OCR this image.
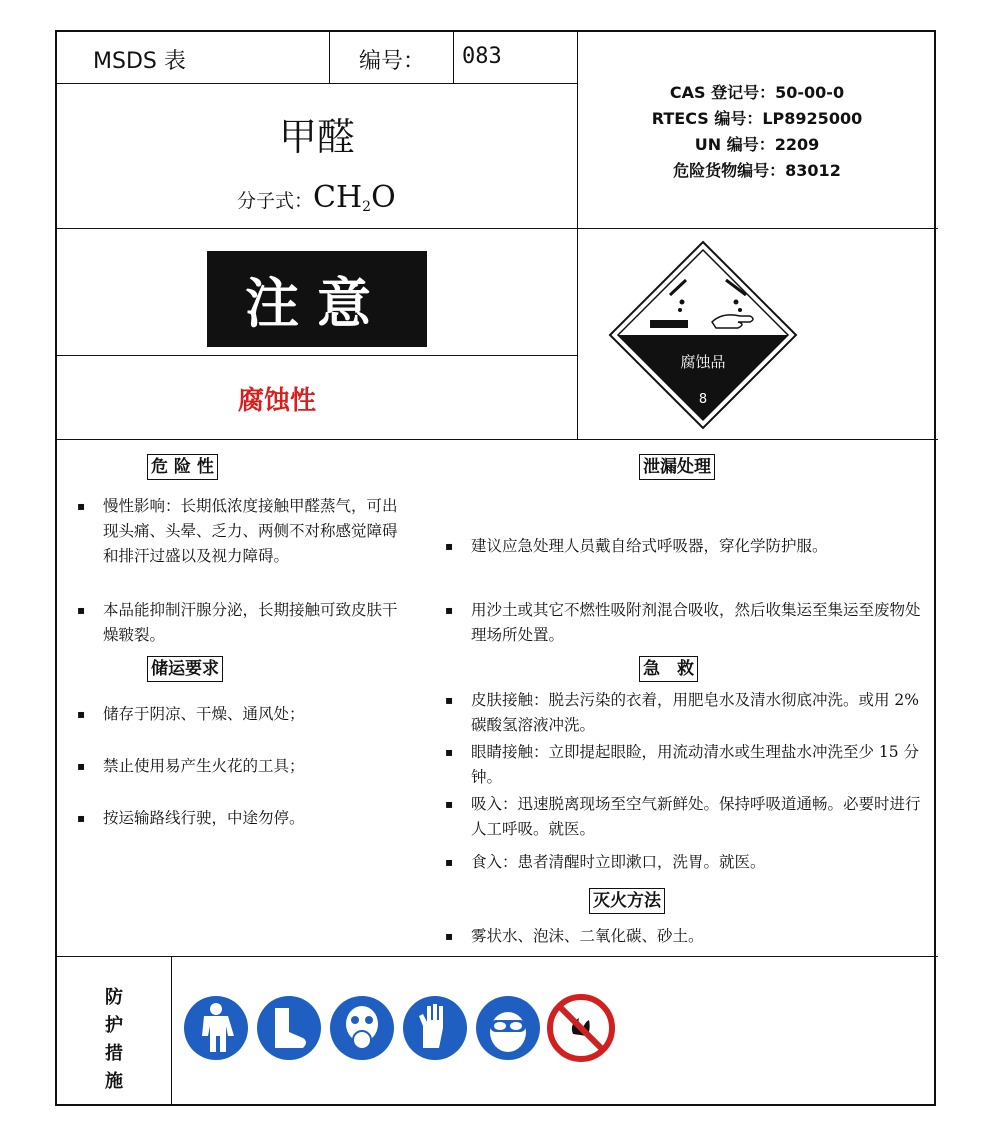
MSDS 表	编号： 083
甲醛
分子式：$CH_2O$
CAS 登记号：50-00-0
RTECS 编号：LP8925000
UN 编号：2209
危险货物编号：83012
注意
腐蚀性
腐蚀品
8
危 险 性
▪ 慢性影响：长期低浓度接触甲醛蒸气，可出现头痛、头晕、乏力、两侧不对称感觉障碍和排汗过盛以及视力障碍。
▪ 本品能抑制汗腺分泌，长期接触可致皮肤干燥皲裂。
储运要求
▪ 储存于阴凉、干燥、通风处；
▪ 禁止使用易产生火花的工具；
▪ 按运输路线行驶，中途勿停。
泄漏处理
▪ 建议应急处理人员戴自给式呼吸器，穿化学防护服。
▪ 用沙土或其它不燃性吸附剂混合吸收，然后收集运至集运至废物处理场所处置。
急　救
▪ 皮肤接触：脱去污染的衣着，用肥皂水及清水彻底冲洗。或用 2%碳酸氢溶液冲洗。
▪ 眼睛接触：立即提起眼睑，用流动清水或生理盐水冲洗至少 15 分钟。
▪ 吸入：迅速脱离现场至空气新鲜处。保持呼吸道通畅。必要时进行人工呼吸。就医。
▪ 食入：患者清醒时立即漱口，洗胃。就医。
灭火方法
▪ 雾状水、泡沫、二氧化碳、砂土。
防护措施
